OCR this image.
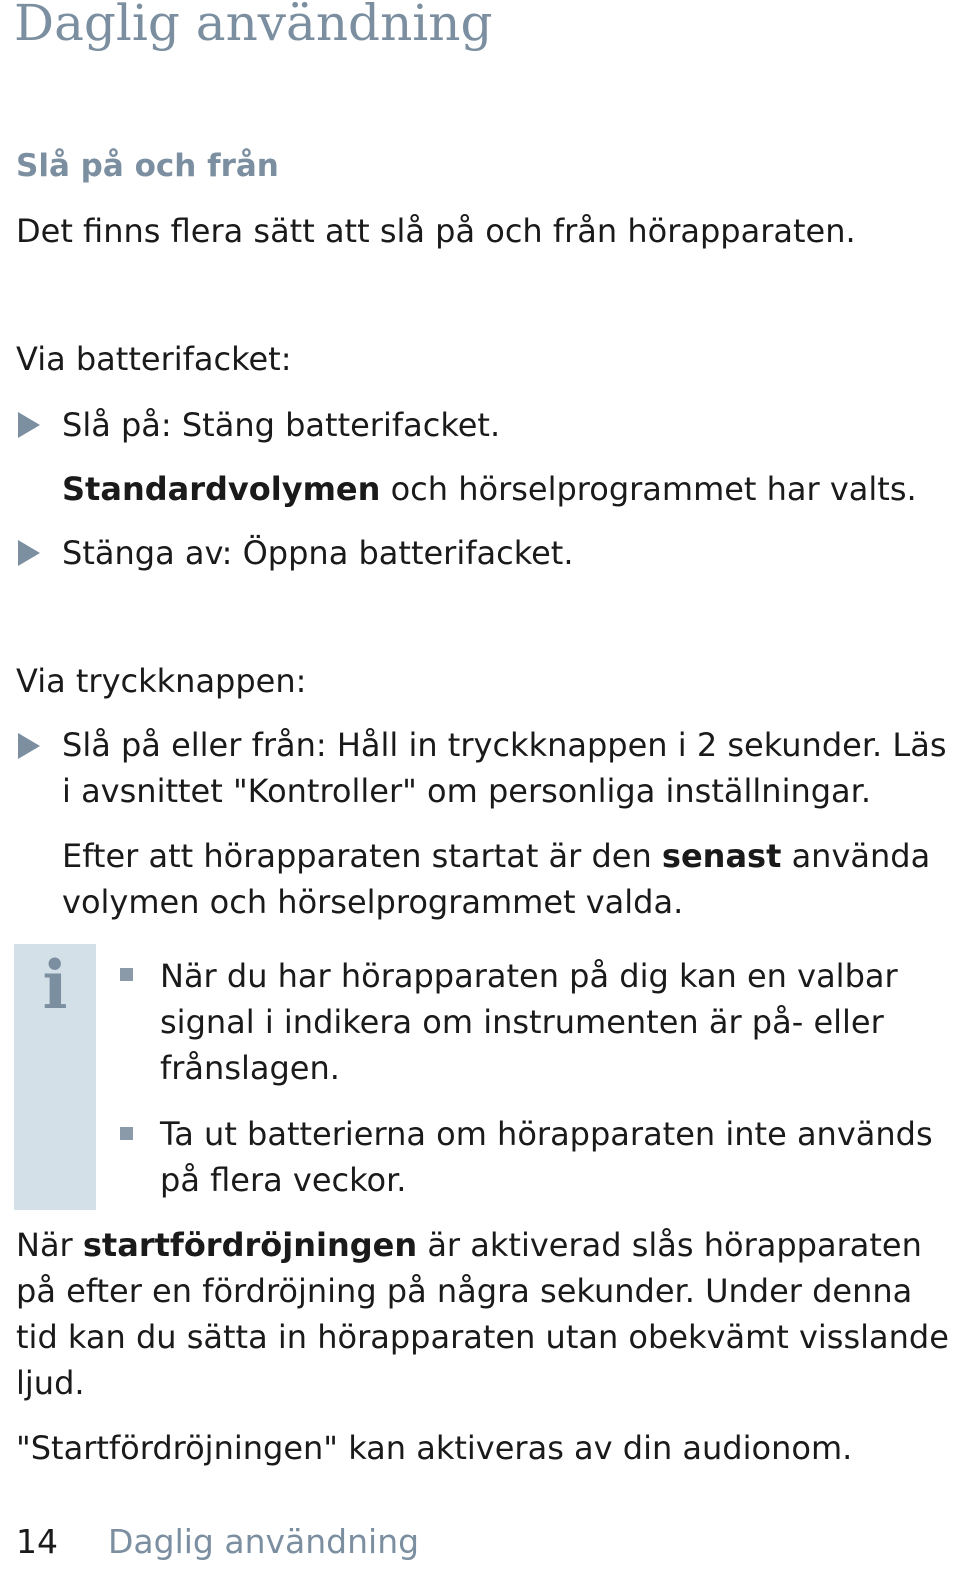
Daglig användning
Slå på och från
Det finns flera sätt att slå på och från hörapparaten.
Via batterifacket:
Slå på: Stäng batterifacket.
Standardvolymen och hörselprogrammet har valts.
Stänga av: Öppna batterifacket.
Via tryckknappen:
Slå på eller från: Håll in tryckknappen i 2 sekunder. Läs
i avsnittet "Kontroller" om personliga inställningar.
Efter att hörapparaten startat är den senast använda
volymen och hörselprogrammet valda.
i	När du har hörapparaten på dig kan en valbar
signal i indikera om instrumenten är på- eller
frånslagen.
Ta ut batterierna om hörapparaten inte används
på flera veckor.
När startfördröjningen är aktiverad slås hörapparaten
på efter en fördröjning på några sekunder. Under denna
tid kan du sätta in hörapparaten utan obekvämt visslande
ljud.
"Startfördröjningen" kan aktiveras av din audionom.
14 Daglig användning
